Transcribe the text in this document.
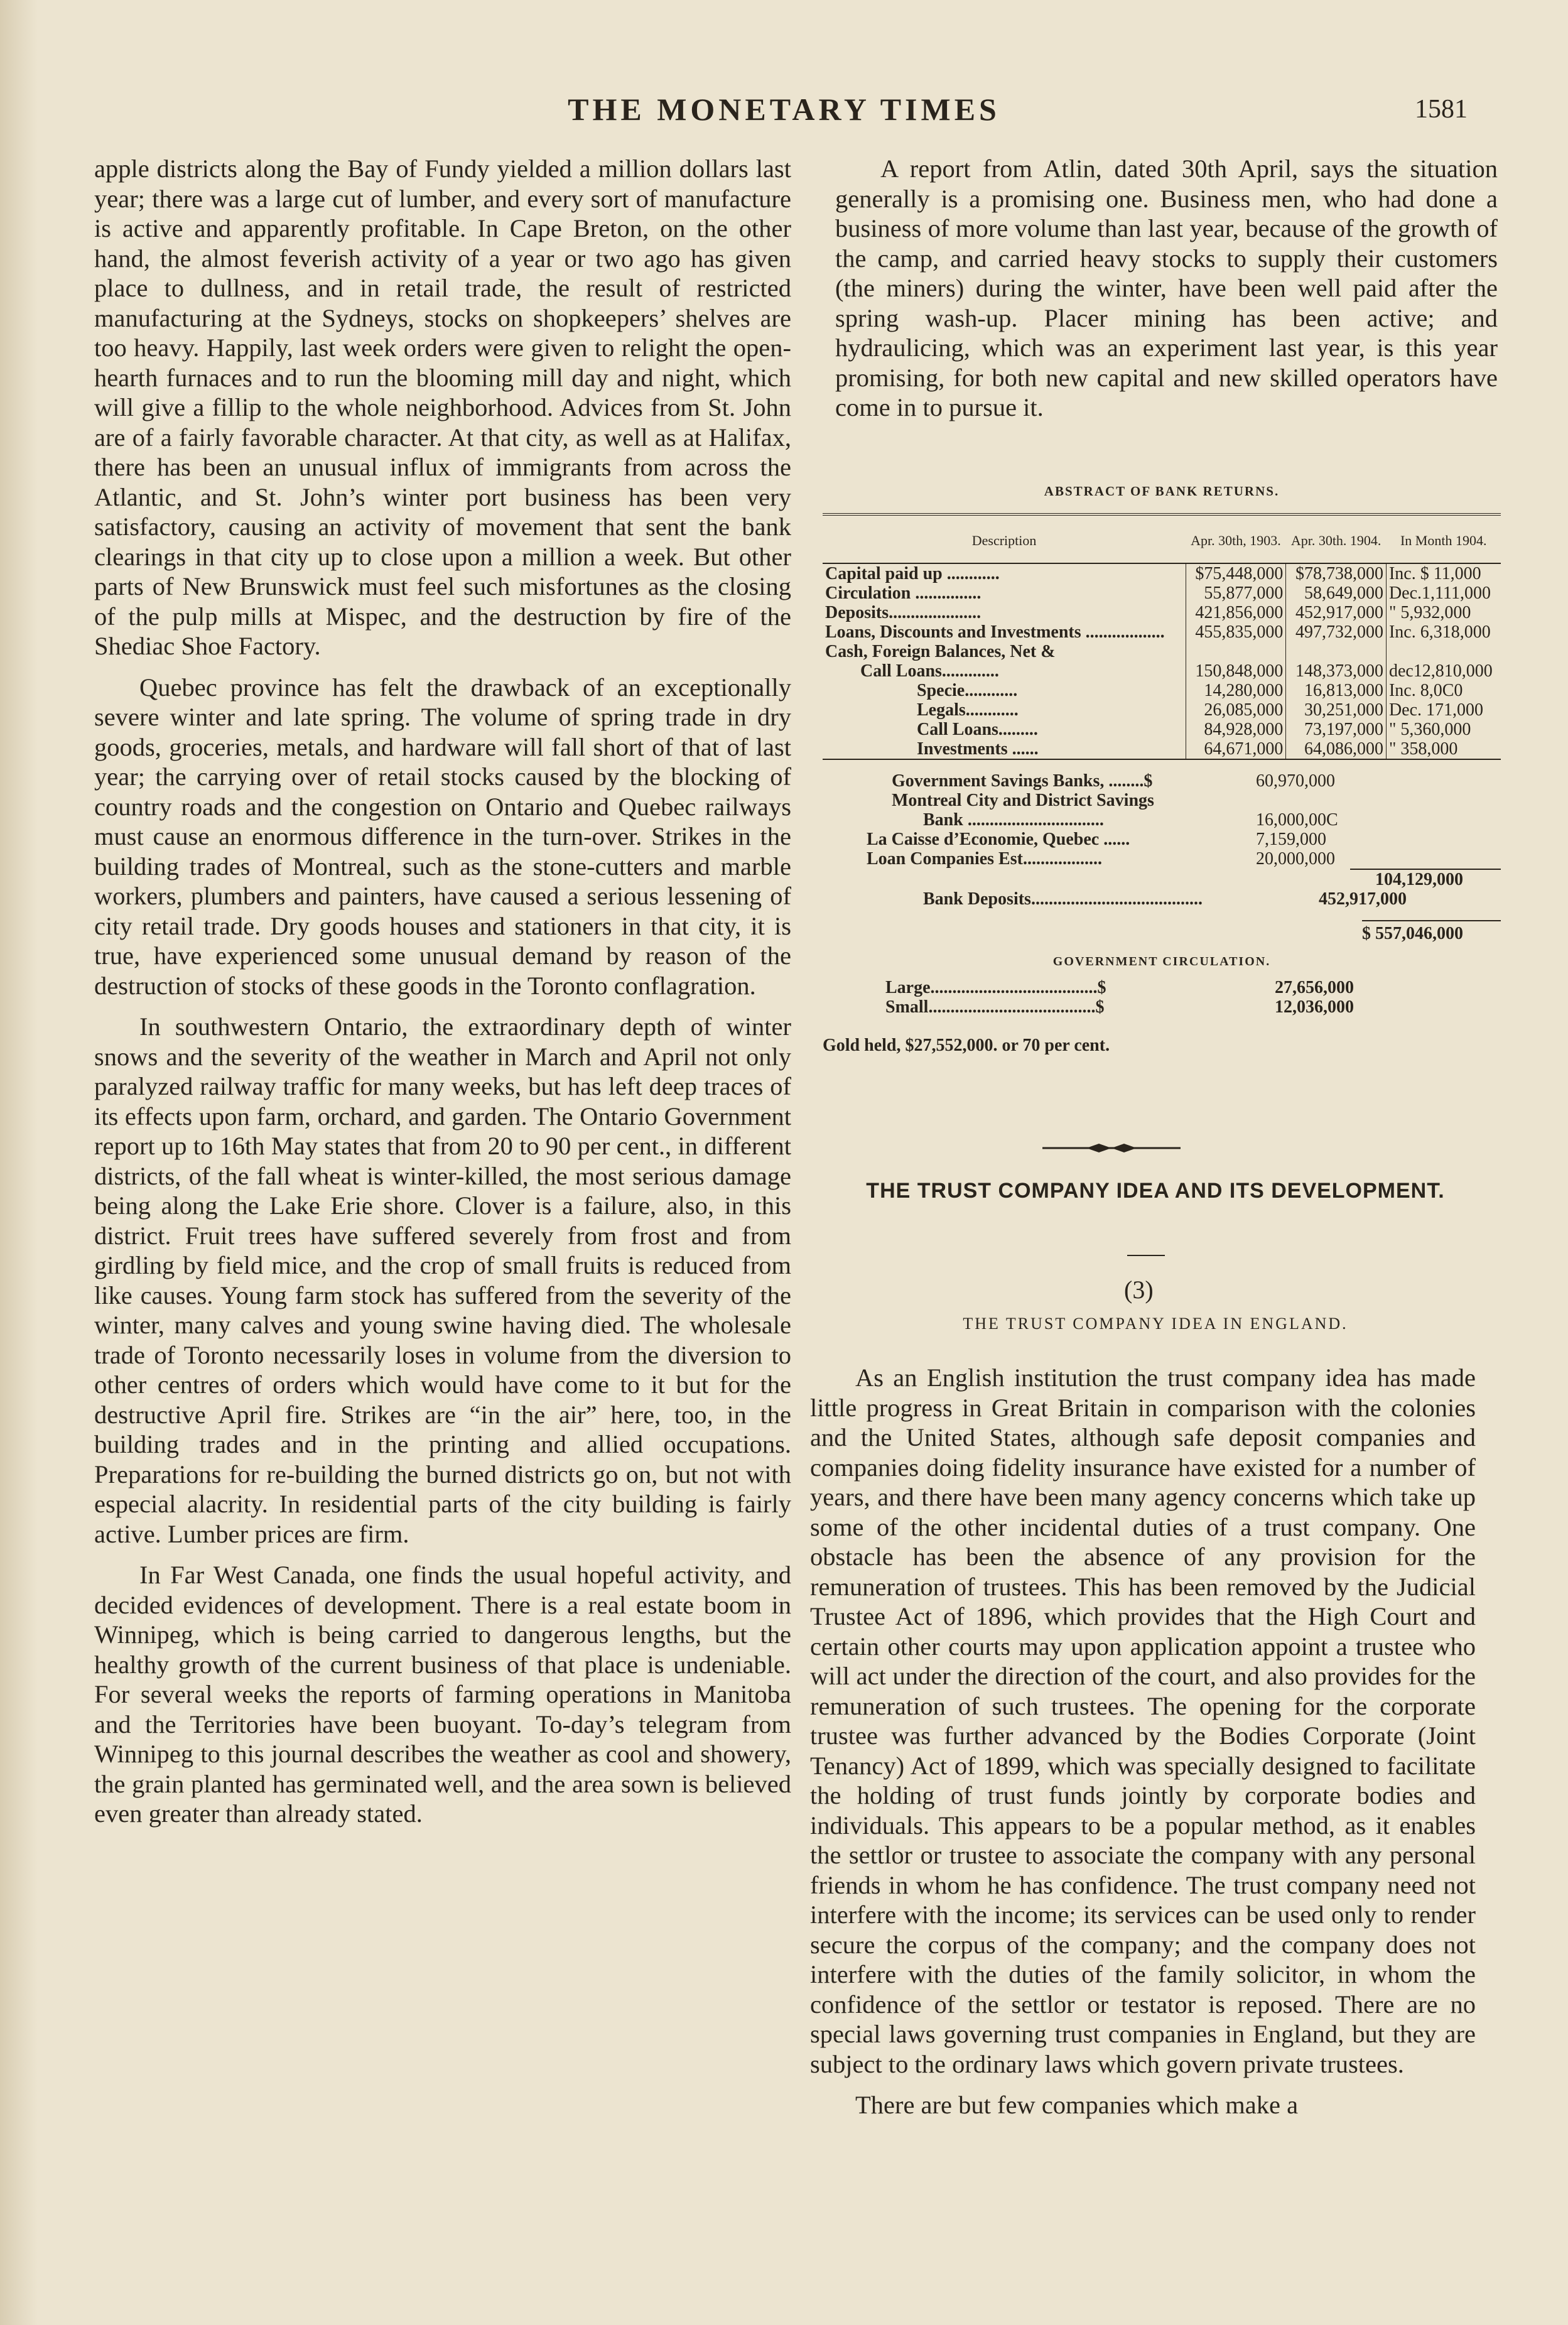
THE MONETARY TIMES	1581

apple districts along the Bay of Fundy yielded a million dollars last year; there was a large cut of lumber, and every sort of manufacture is active and apparently profitable. In Cape Breton, on the other hand, the almost feverish activity of a year or two ago has given place to dullness, and in retail trade, the result of restricted manufacturing at the Sydneys, stocks on shopkeepers’ shelves are too heavy. Happily, last week orders were given to relight the open-hearth furnaces and to run the blooming mill day and night, which will give a fillip to the whole neighborhood. Advices from St. John are of a fairly favorable character. At that city, as well as at Halifax, there has been an unusual influx of immigrants from across the Atlantic, and St. John’s winter port business has been very satisfactory, causing an activity of movement that sent the bank clearings in that city up to close upon a million a week. But other parts of New Brunswick must feel such misfortunes as the closing of the pulp mills at Mispec, and the destruction by fire of the Shediac Shoe Factory.

Quebec province has felt the drawback of an exceptionally severe winter and late spring. The volume of spring trade in dry goods, groceries, metals, and hardware will fall short of that of last year; the carrying over of retail stocks caused by the blocking of country roads and the congestion on Ontario and Quebec railways must cause an enormous difference in the turn-over. Strikes in the building trades of Montreal, such as the stone-cutters and marble workers, plumbers and painters, have caused a serious lessening of city retail trade. Dry goods houses and stationers in that city, it is true, have experienced some unusual demand by reason of the destruction of stocks of these goods in the Toronto conflagration.

In southwestern Ontario, the extraordinary depth of winter snows and the severity of the weather in March and April not only paralyzed railway traffic for many weeks, but has left deep traces of its effects upon farm, orchard, and garden. The Ontario Government report up to 16th May states that from 20 to 90 per cent., in different districts, of the fall wheat is winter-killed, the most serious damage being along the Lake Erie shore. Clover is a failure, also, in this district. Fruit trees have suffered severely from frost and from girdling by field mice, and the crop of small fruits is reduced from like causes. Young farm stock has suffered from the severity of the winter, many calves and young swine having died. The wholesale trade of Toronto necessarily loses in volume from the diversion to other centres of orders which would have come to it but for the destructive April fire. Strikes are “in the air” here, too, in the building trades and in the printing and allied occupations. Preparations for re-building the burned districts go on, but not with especial alacrity. In residential parts of the city building is fairly active. Lumber prices are firm.

In Far West Canada, one finds the usual hopeful activity, and decided evidences of development. There is a real estate boom in Winnipeg, which is being carried to dangerous lengths, but the healthy growth of the current business of that place is undeniable. For several weeks the reports of farming operations in Manitoba and the Territories have been buoyant. To-day’s telegram from Winnipeg to this journal describes the weather as cool and showery, the grain planted has germinated well, and the area sown is believed even greater than already stated.

A report from Atlin, dated 30th April, says the situation generally is a promising one. Business men, who had done a business of more volume than last year, because of the growth of the camp, and carried heavy stocks to supply their customers (the miners) during the winter, have been well paid after the spring wash-up. Placer mining has been active; and hydraulicing, which was an experiment last year, is this year promising, for both new capital and new skilled operators have come in to pursue it.

ABSTRACT OF BANK RETURNS.
Description	Apr. 30th, 1903.	Apr. 30th. 1904.	In Month 1904.
Capital paid up ............	$75,448,000	$78,738,000	Inc. $ 11,000
Circulation ...............	55,877,000	58,649,000	Dec.1,111,000
Deposits.....................	421,856,000	452,917,000	" 5,932,000
Loans, Discounts and Investments ..................	455,835,000	497,732,000	Inc. 6,318,000
Cash, Foreign Balances, Net &			
Call Loans.............	150,848,000	148,373,000	dec12,810,000
Specie............	14,280,000	16,813,000	Inc. 8,0C0
Legals............	26,085,000	30,251,000	Dec. 171,000
Call Loans.........	84,928,000	73,197,000	" 5,360,000
Investments ......	64,671,000	64,086,000	" 358,000
Government Savings Banks, ........$	60,970,000
Montreal City and District Savings
Bank ...............................	16,000,00C
La Caisse d’Economie, Quebec ......	7,159,000
Loan Companies Est..................	20,000,000
104,129,000
Bank Deposits.......................................	452,917,000
$ 557,046,000
GOVERNMENT CIRCULATION.
Large......................................$	27,656,000
Small......................................$	12,036,000
Gold held, $27,552,000. or 70 per cent.
THE TRUST COMPANY IDEA AND ITS DEVELOPMENT.
(3)
THE TRUST COMPANY IDEA IN ENGLAND.

As an English institution the trust company idea has made little progress in Great Britain in comparison with the colonies and the United States, although safe deposit companies and companies doing fidelity insurance have existed for a number of years, and there have been many agency concerns which take up some of the other incidental duties of a trust company. One obstacle has been the absence of any provision for the remuneration of trustees. This has been removed by the Judicial Trustee Act of 1896, which provides that the High Court and certain other courts may upon application appoint a trustee who will act under the direction of the court, and also provides for the remuneration of such trustees. The opening for the corporate trustee was further advanced by the Bodies Corporate (Joint Tenancy) Act of 1899, which was specially designed to facilitate the holding of trust funds jointly by corporate bodies and individuals. This appears to be a popular method, as it enables the settlor or trustee to associate the company with any personal friends in whom he has confidence. The trust company need not interfere with the income; its services can be used only to render secure the corpus of the company; and the company does not interfere with the duties of the family solicitor, in whom the confidence of the settlor or testator is reposed. There are no special laws governing trust companies in England, but they are subject to the ordinary laws which govern private trustees.

There are but few companies which make a
